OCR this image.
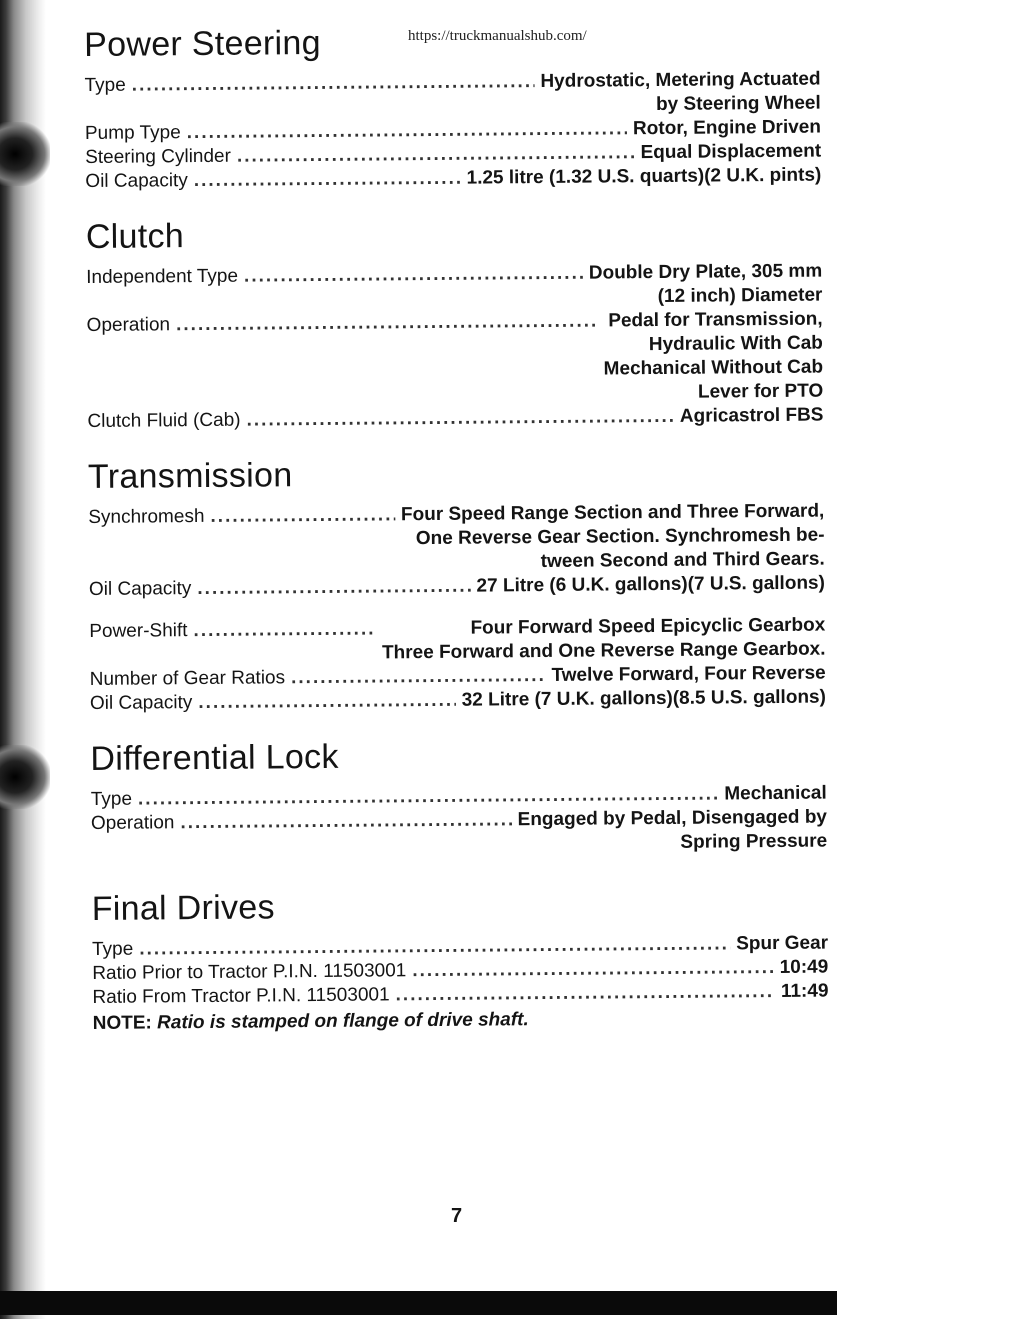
https://truckmanualshub.com/
Power Steering
Type .....	Hydrostatic, Metering Actuated
by Steering Wheel
Pump Type .....	Rotor, Engine Driven
Steering Cylinder .....	Equal Displacement
Oil Capacity .....	1.25 litre (1.32 U.S. quarts)(2 U.K. pints)
Clutch
Independent Type .....	Double Dry Plate, 305 mm
(12 inch) Diameter
Operation .....	Pedal for Transmission,
Hydraulic With Cab
Mechanical Without Cab
Lever for PTO
Clutch Fluid (Cab) .....	Agricastrol FBS
Transmission
Synchromesh .....	Four Speed Range Section and Three Forward,
One Reverse Gear Section. Synchromesh be-
tween Second and Third Gears.
Oil Capacity .....	27 Litre (6 U.K. gallons)(7 U.S. gallons)
Power-Shift .....	Four Forward Speed Epicyclic Gearbox
Three Forward and One Reverse Range Gearbox.
Number of Gear Ratios .....	Twelve Forward, Four Reverse
Oil Capacity .....	32 Litre (7 U.K. gallons)(8.5 U.S. gallons)
Differential Lock
Type .....	Mechanical
Operation .....	Engaged by Pedal, Disengaged by
Spring Pressure
Final Drives
Type .....	Spur Gear
Ratio Prior to Tractor P.I.N. 11503001 .....	10:49
Ratio From Tractor P.I.N. 11503001 .....	11:49
NOTE: Ratio is stamped on flange of drive shaft.
7
